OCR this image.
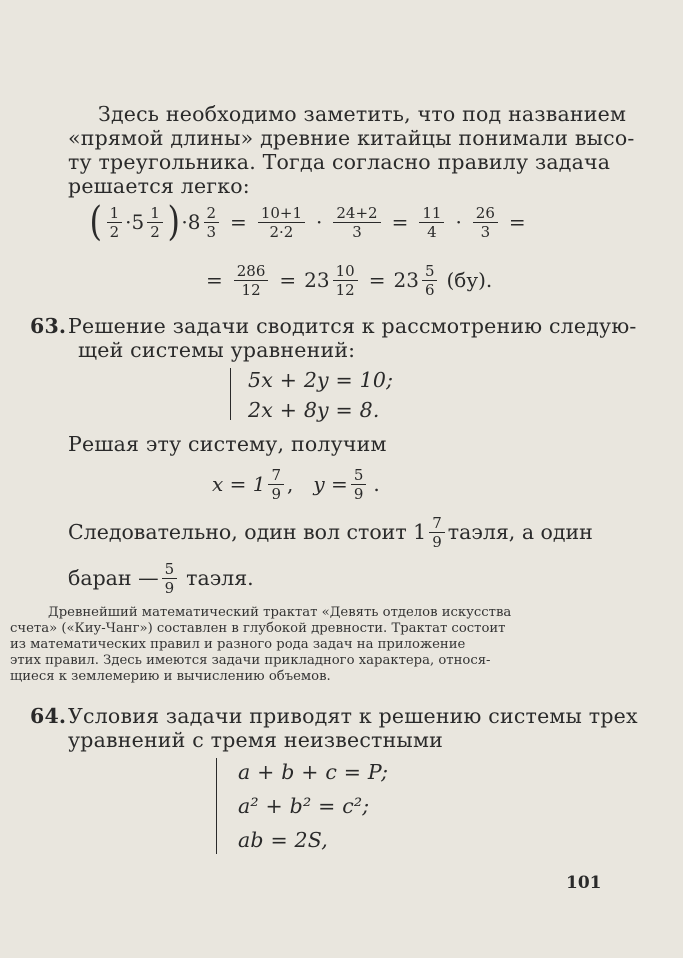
Здесь необходимо заметить, что под названием
«прямой длины» древние китайцы понимали высо-
ту треугольника. Тогда согласно правилу задача
решается легко:
( $\frac{1}{2} \cdot 5 \frac{1}{2}$ ) · $8 \frac{2}{3} = \frac{10+1}{2\cdot 2} \cdot \frac{24+2}{3} = \frac{11}{4} \cdot \frac{26}{3}$ =
= $\frac{286}{12} = 23 \frac{10}{12} = 23 \frac{5}{6} (бу)$.
63. Решение задачи сводится к рассмотрению следую-
щей системы уравнений:
5x + 2y = 10;
2x + 8y = 8.
Решая эту систему, получим
$x = 1 \frac{7}{9}$ , $y = \frac{5}{9}$ .
Следовательно, один вол стоит $1 \frac{7}{9}$ таэля, а один
баран — $\frac{5}{9}$ таэля.
Древнейший математический трактат «Девять отделов искусства
счета» («Киу-Чанг») составлен в глубокой древности. Трактат состоит
из математических правил и разного рода задач на приложение
этих правил. Здесь имеются задачи прикладного характера, относя-
щиеся к землемерию и вычислению объемов.
64. Условия задачи приводят к решению системы трех
уравнений с тремя неизвестными
a + b + c = P;
a² + b² = c²;
ab = 2S,
101
